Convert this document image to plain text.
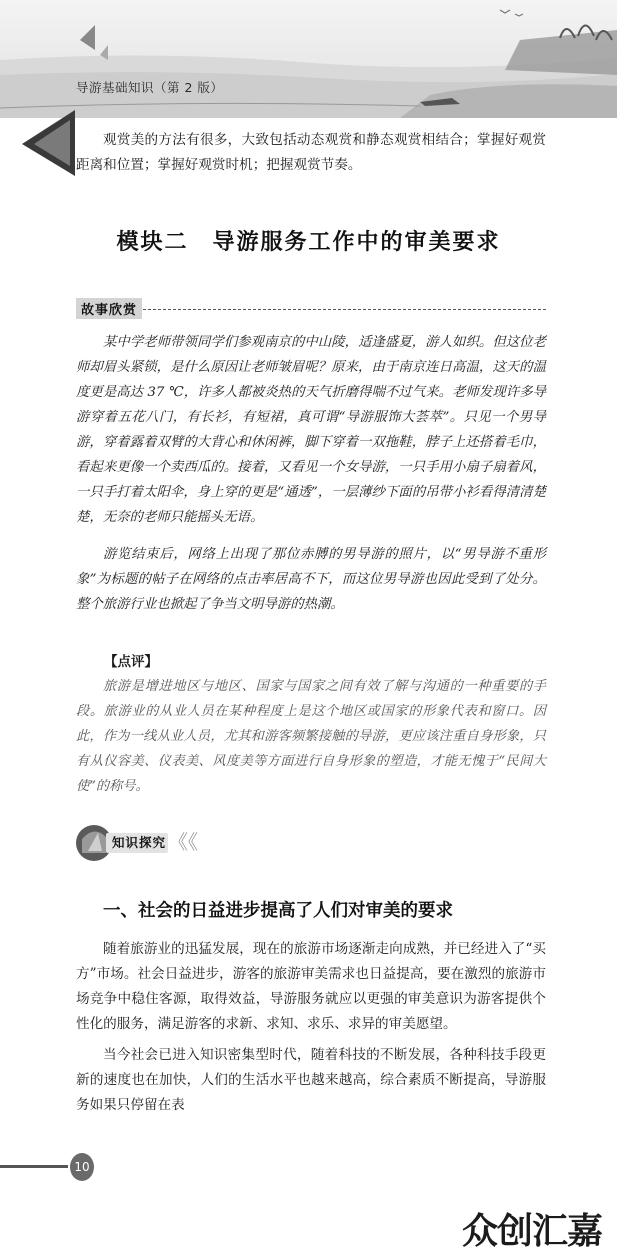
导游基础知识（第 2 版）

观赏美的方法有很多，大致包括动态观赏和静态观赏相结合；掌握好观赏距离和位置；掌握好观赏时机；把握观赏节奏。

模块二　导游服务工作中的审美要求
故事欣赏

某中学老师带领同学们参观南京的中山陵，适逢盛夏，游人如织。但这位老师却眉头紧锁，是什么原因让老师皱眉呢？原来，由于南京连日高温，这天的温度更是高达 37 ℃，许多人都被炎热的天气折磨得喘不过气来。老师发现许多导游穿着五花八门，有长衫，有短裙，真可谓“导游服饰大荟萃”。只见一个男导游，穿着露着双臂的大背心和休闲裤，脚下穿着一双拖鞋，脖子上还搭着毛巾，看起来更像一个卖西瓜的。接着，又看见一个女导游，一只手用小扇子扇着风，一只手打着太阳伞，身上穿的更是“通透”，一层薄纱下面的吊带小衫看得清清楚楚，无奈的老师只能摇头无语。

游览结束后，网络上出现了那位赤膊的男导游的照片，以“男导游不重形象”为标题的帖子在网络的点击率居高不下，而这位男导游也因此受到了处分。整个旅游行业也掀起了争当文明导游的热潮。

【点评】

旅游是增进地区与地区、国家与国家之间有效了解与沟通的一种重要的手段。旅游业的从业人员在某种程度上是这个地区或国家的形象代表和窗口。因此，作为一线从业人员，尤其和游客频繁接触的导游，更应该注重自身形象，只有从仪容美、仪表美、风度美等方面进行自身形象的塑造，才能无愧于“民间大使”的称号。

知识探究 《《
一、社会的日益进步提高了人们对审美的要求

随着旅游业的迅猛发展，现在的旅游市场逐渐走向成熟，并已经进入了“买方”市场。社会日益进步，游客的旅游审美需求也日益提高，要在激烈的旅游市场竞争中稳住客源，取得效益，导游服务就应以更强的审美意识为游客提供个性化的服务，满足游客的求新、求知、求乐、求异的审美愿望。

当今社会已进入知识密集型时代，随着科技的不断发展，各种科技手段更新的速度也在加快，人们的生活水平也越来越高，综合素质不断提高，导游服务如果只停留在表

10
众创汇嘉
